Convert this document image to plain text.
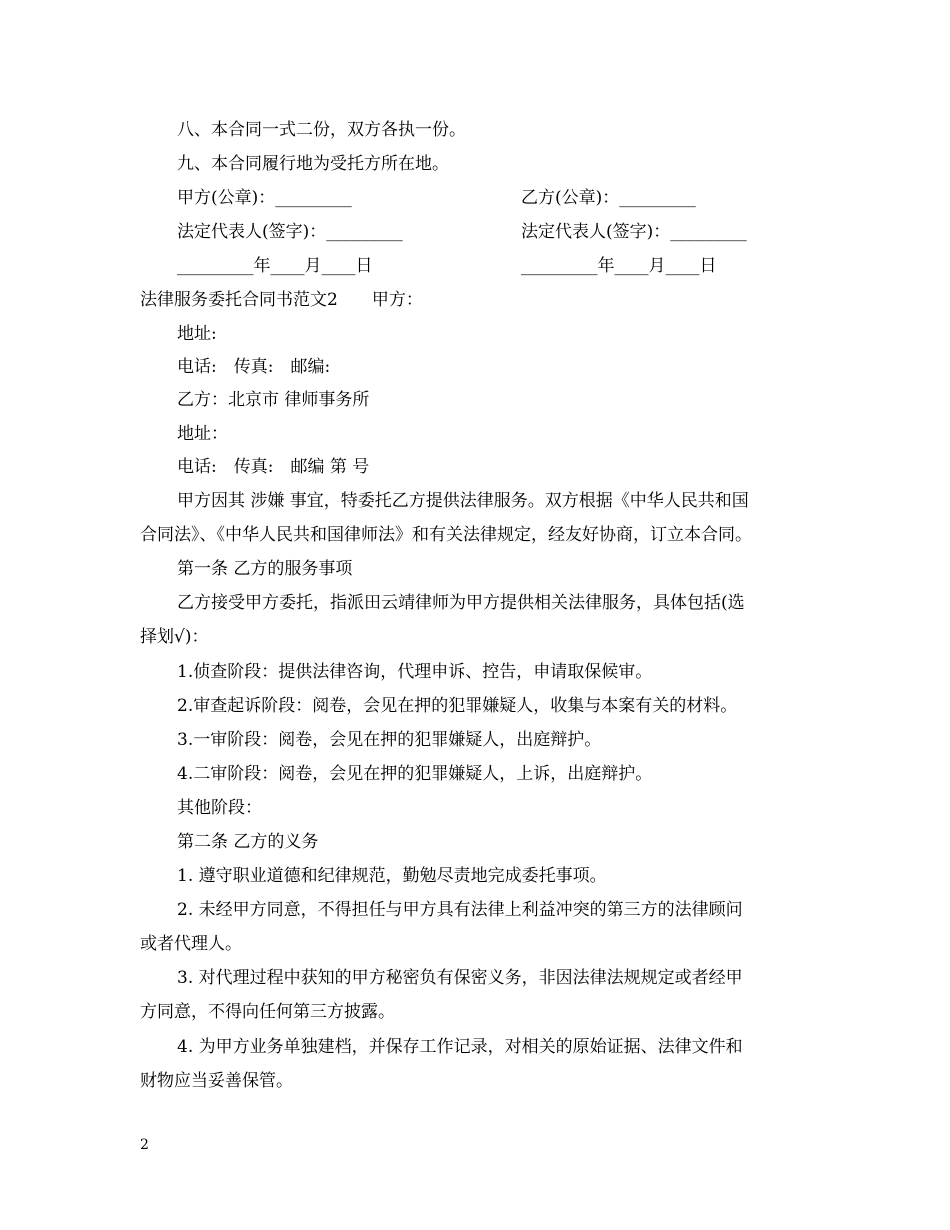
八、本合同一式二份，双方各执一份。
九、本合同履行地为受托方所在地。
甲方(公章)：_________	乙方(公章)：_________
法定代表人(签字)：_________	法定代表人(签字)：_________
_________年____月____日	_________年____月____日
法律服务委托合同书范文2　　甲方：
地址:
电话:　传真:　邮编:
乙方：北京市 律师事务所
地址：
电话:　传真:　邮编 第 号
甲方因其 涉嫌 事宜，特委托乙方提供法律服务。双方根据《中华人民共和国
合同法》、《中华人民共和国律师法》和有关法律规定，经友好协商，订立本合同。
第一条 乙方的服务事项
乙方接受甲方委托，指派田云靖律师为甲方提供相关法律服务，具体包括(选
择划√)：
1.侦查阶段：提供法律咨询，代理申诉、控告，申请取保候审。
2.审查起诉阶段：阅卷，会见在押的犯罪嫌疑人，收集与本案有关的材料。
3.一审阶段：阅卷，会见在押的犯罪嫌疑人，出庭辩护。
4.二审阶段：阅卷，会见在押的犯罪嫌疑人，上诉，出庭辩护。
其他阶段：
第二条 乙方的义务
1. 遵守职业道德和纪律规范，勤勉尽责地完成委托事项。
2. 未经甲方同意，不得担任与甲方具有法律上利益冲突的第三方的法律顾问
或者代理人。
3. 对代理过程中获知的甲方秘密负有保密义务，非因法律法规规定或者经甲
方同意，不得向任何第三方披露。
4. 为甲方业务单独建档，并保存工作记录，对相关的原始证据、法律文件和
财物应当妥善保管。
2
